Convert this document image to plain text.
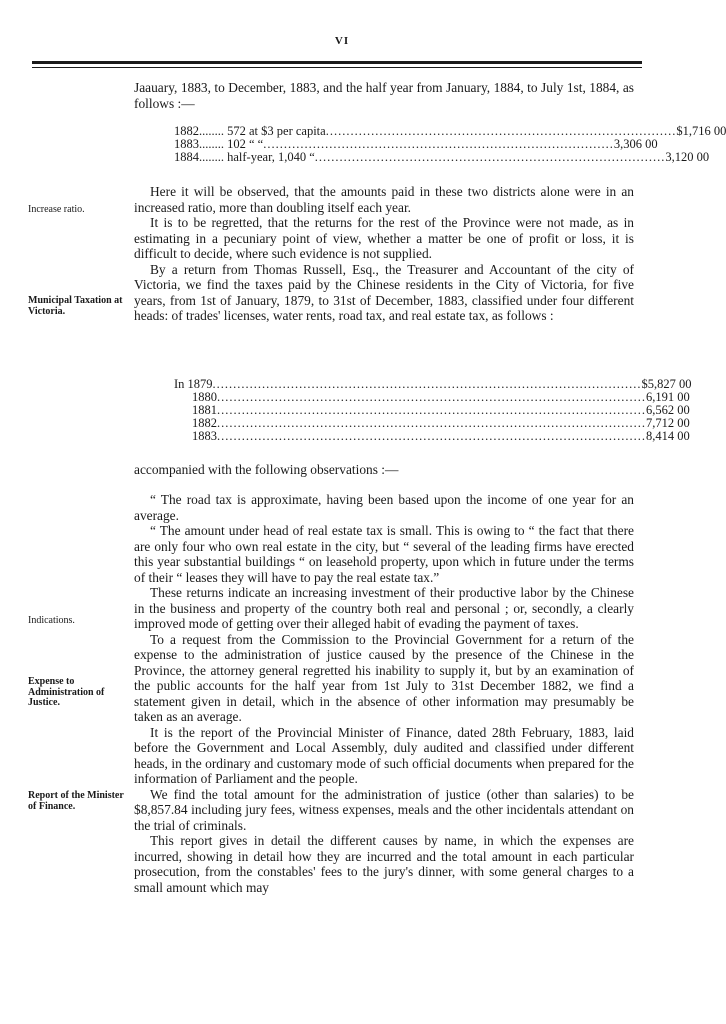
VI

Jaauary, 1883, to December, 1883, and the half year from January, 1884, to July 1st, 1884, as follows :—

1882........ 572 at $3 per capita ..................................................................................... $1,716 00
1883........ 102 “ “ ..................................................................................... 3,306 00
1884........ half-year, 1,040 “ ..................................................................................... 3,120 00

Here it will be observed, that the amounts paid in these two districts alone were in an increased ratio, more than doubling itself each year.

It is to be regretted, that the returns for the rest of the Province were not made, as in estimating in a pecuniary point of view, whether a matter be one of profit or loss, it is difficult to decide, where such evidence is not supplied.

By a return from Thomas Russell, Esq., the Treasurer and Accountant of the city of Victoria, we find the taxes paid by the Chinese residents in the City of Victoria, for five years, from 1st of January, 1879, to 31st of December, 1883, classified under four different heads: of trades' licenses, water rents, road tax, and real estate tax, as follows :

In 1879 ........................................................................................................ $5,827 00
1880 ........................................................................................................ 6,191 00
1881 ........................................................................................................ 6,562 00
1882 ........................................................................................................ 7,712 00
1883 ........................................................................................................ 8,414 00

accompanied with the following observations :—

“ The road tax is approximate, having been based upon the income of one year for an average.

“ The amount under head of real estate tax is small. This is owing to “ the fact that there are only four who own real estate in the city, but “ several of the leading firms have erected this year substantial buildings “ on leasehold property, upon which in future under the terms of their “ leases they will have to pay the real estate tax.”

These returns indicate an increasing investment of their productive labor by the Chinese in the business and property of the country both real and personal ; or, secondly, a clearly improved mode of getting over their alleged habit of evading the payment of taxes.

To a request from the Commission to the Provincial Government for a return of the expense to the administration of justice caused by the presence of the Chinese in the Province, the attorney general regretted his inability to supply it, but by an examination of the public accounts for the half year from 1st July to 31st December 1882, we find a statement given in detail, which in the absence of other information may presumably be taken as an average.

It is the report of the Provincial Minister of Finance, dated 28th February, 1883, laid before the Government and Local Assembly, duly audited and classified under different heads, in the ordinary and customary mode of such official documents when prepared for the information of Parliament and the people.

We find the total amount for the administration of justice (other than salaries) to be $8,857.84 including jury fees, witness expenses, meals and the other incidentals attendant on the trial of criminals.

This report gives in detail the different causes by name, in which the expenses are incurred, showing in detail how they are incurred and the total amount in each particular prosecution, from the constables' fees to the jury's dinner, with some general charges to a small amount which may

Increase ratio.
Municipal Taxation at Victoria.
Indications.
Expense to Administration of Justice.
Report of the Minister of Finance.
